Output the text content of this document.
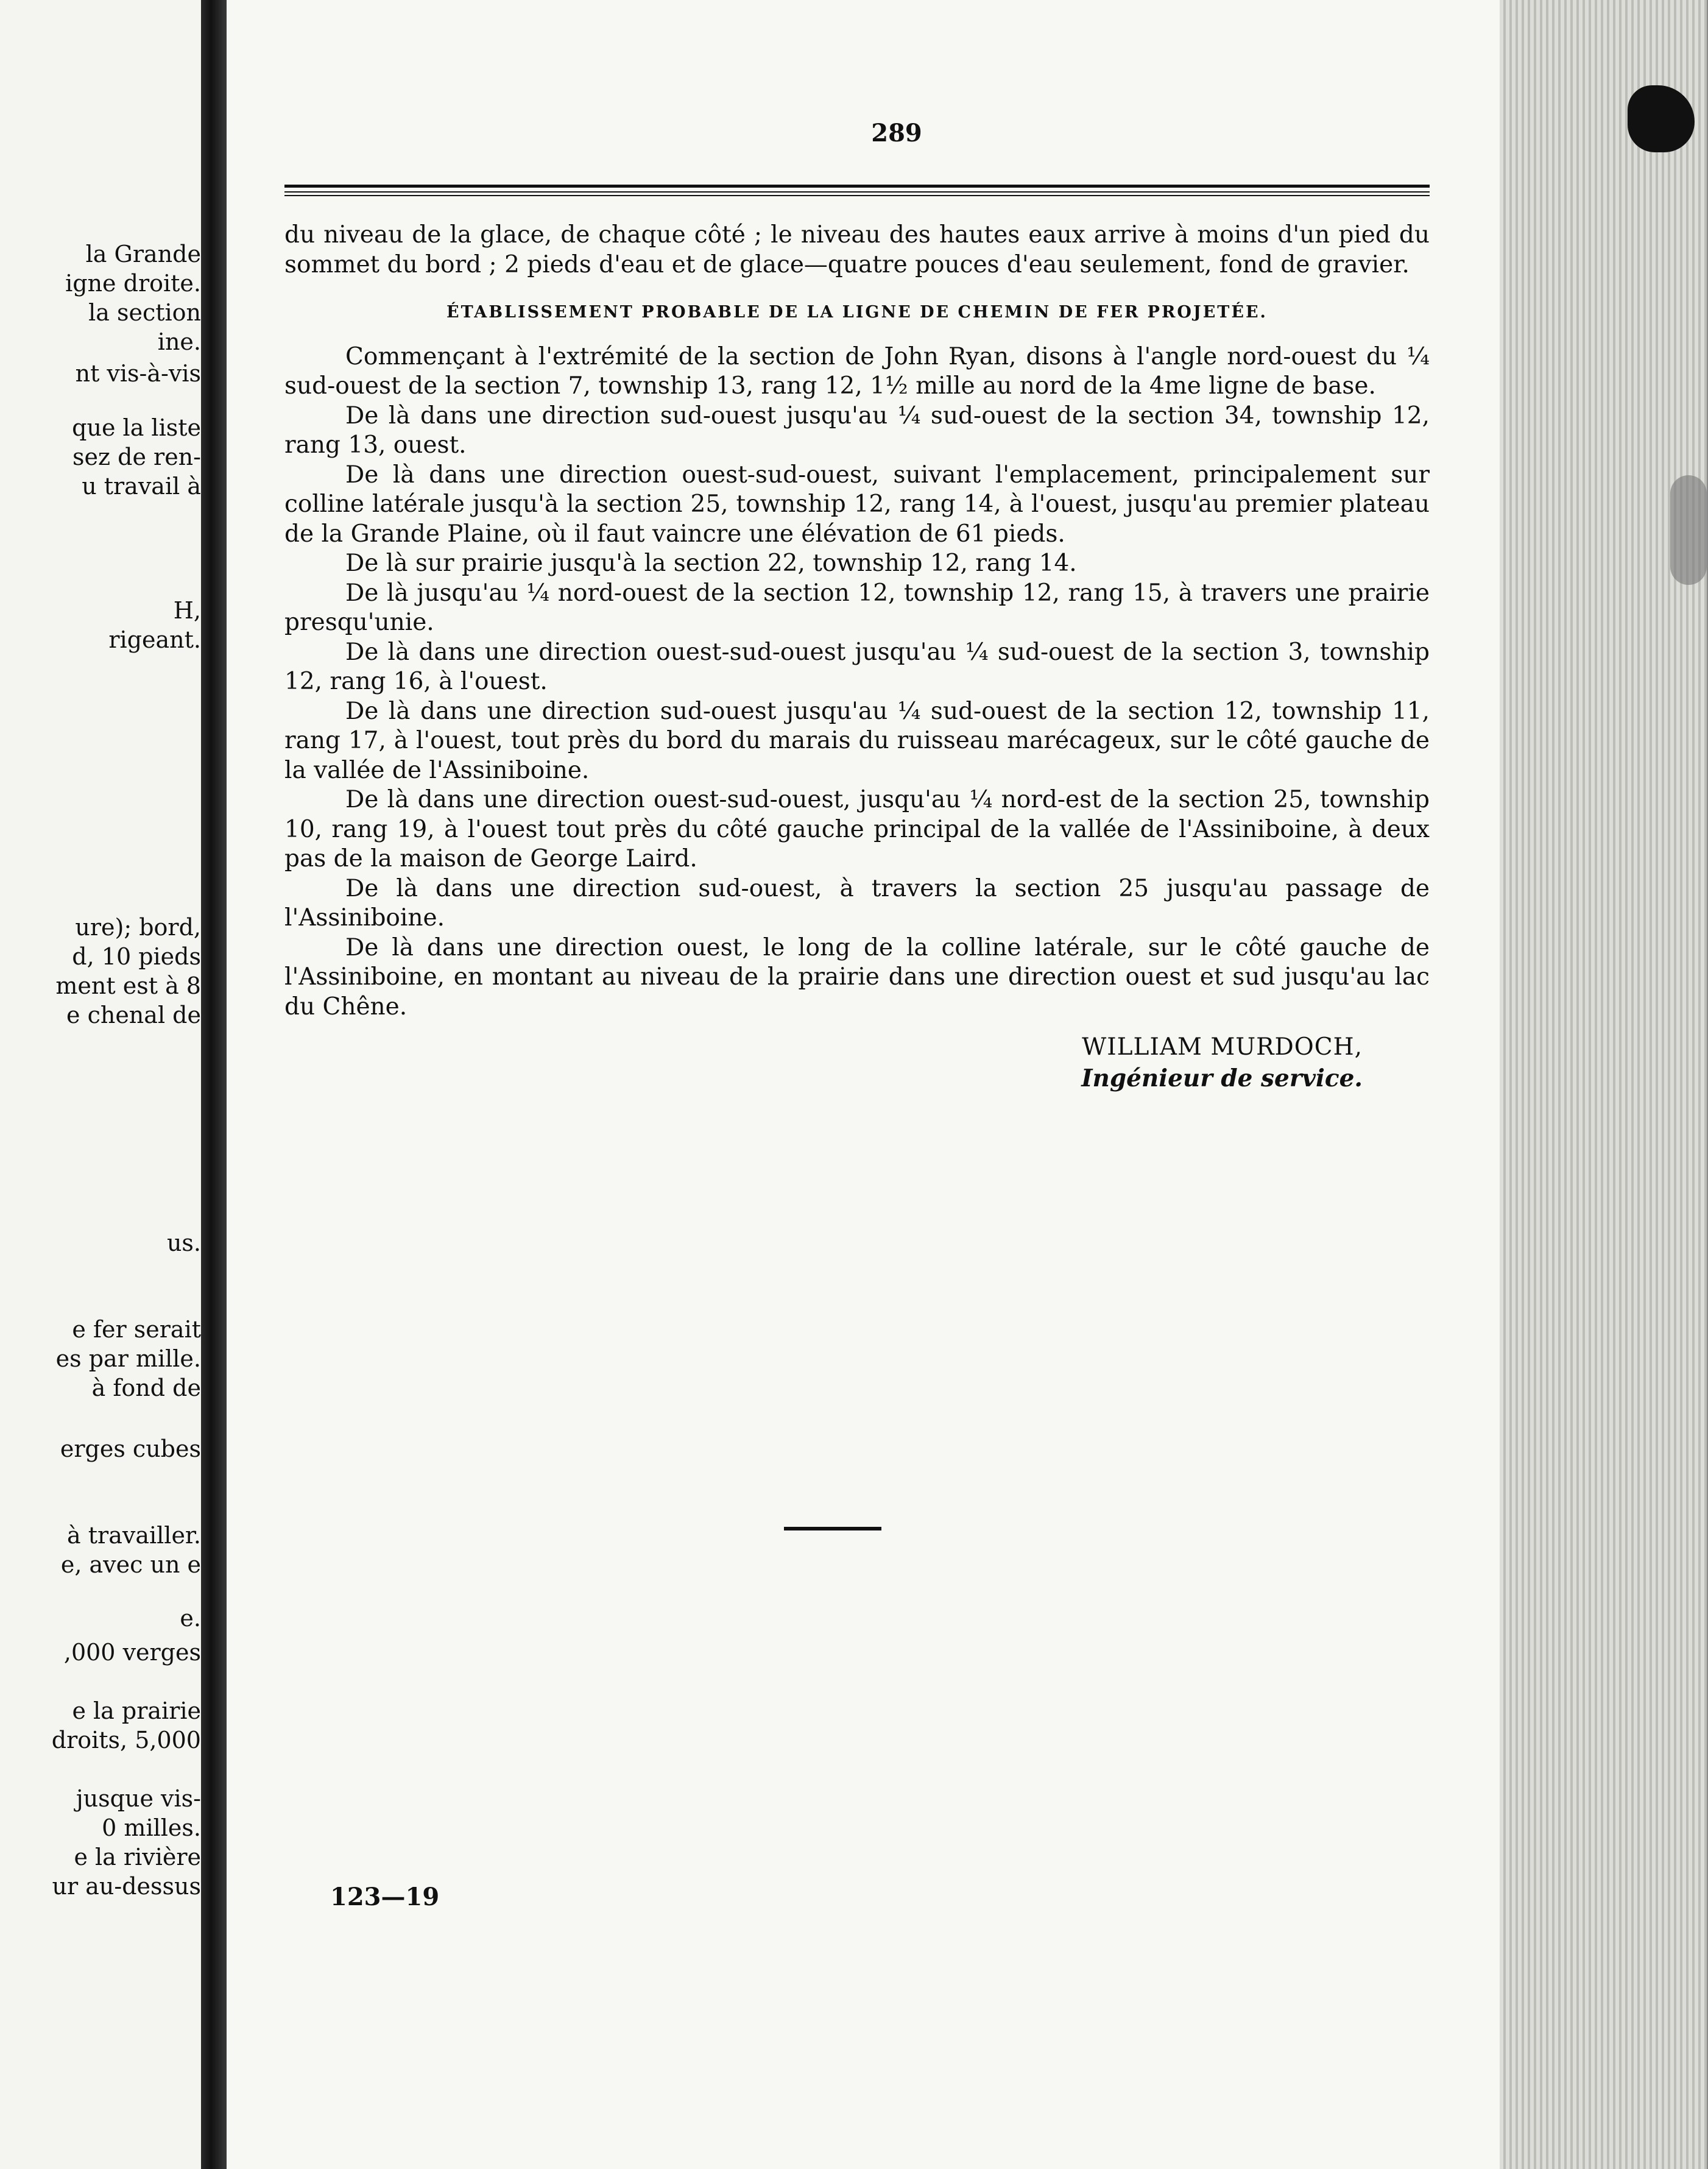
la Grande
igne droite.
la section
ine.
nt vis-à-vis
que la liste
sez de ren-
u travail à
H,
rigeant.
ure); bord,
d, 10 pieds
ment est à 8
e chenal de
us.
e fer serait
es par mille.
à fond de
erges cubes
à travailler.
e, avec un e
e.
,000 verges
e la prairie
droits, 5,000
jusque vis-
0 milles.
e la rivière
ur au-dessus
289

du niveau de la glace, de chaque côté ; le niveau des hautes eaux arrive à moins d'un pied du sommet du bord ; 2 pieds d'eau et de glace—quatre pouces d'eau seulement, fond de gravier.

ÉTABLISSEMENT PROBABLE DE LA LIGNE DE CHEMIN DE FER PROJETÉE.

Commençant à l'extrémité de la section de John Ryan, disons à l'angle nord-ouest du ¼ sud-ouest de la section 7, township 13, rang 12, 1½ mille au nord de la 4me ligne de base.

De là dans une direction sud-ouest jusqu'au ¼ sud-ouest de la section 34, township 12, rang 13, ouest.

De là dans une direction ouest-sud-ouest, suivant l'emplacement, principalement sur colline latérale jusqu'à la section 25, township 12, rang 14, à l'ouest, jusqu'au premier plateau de la Grande Plaine, où il faut vaincre une élévation de 61 pieds.

De là sur prairie jusqu'à la section 22, township 12, rang 14.

De là jusqu'au ¼ nord-ouest de la section 12, township 12, rang 15, à travers une prairie presqu'unie.

De là dans une direction ouest-sud-ouest jusqu'au ¼ sud-ouest de la section 3, township 12, rang 16, à l'ouest.

De là dans une direction sud-ouest jusqu'au ¼ sud-ouest de la section 12, township 11, rang 17, à l'ouest, tout près du bord du marais du ruisseau marécageux, sur le côté gauche de la vallée de l'Assiniboine.

De là dans une direction ouest-sud-ouest, jusqu'au ¼ nord-est de la section 25, township 10, rang 19, à l'ouest tout près du côté gauche principal de la vallée de l'Assiniboine, à deux pas de la maison de George Laird.

De là dans une direction sud-ouest, à travers la section 25 jusqu'au passage de l'Assiniboine.

De là dans une direction ouest, le long de la colline latérale, sur le côté gauche de l'Assiniboine, en montant au niveau de la prairie dans une direction ouest et sud jusqu'au lac du Chêne.

WILLIAM MURDOCH,
Ingénieur de service.
123—19
